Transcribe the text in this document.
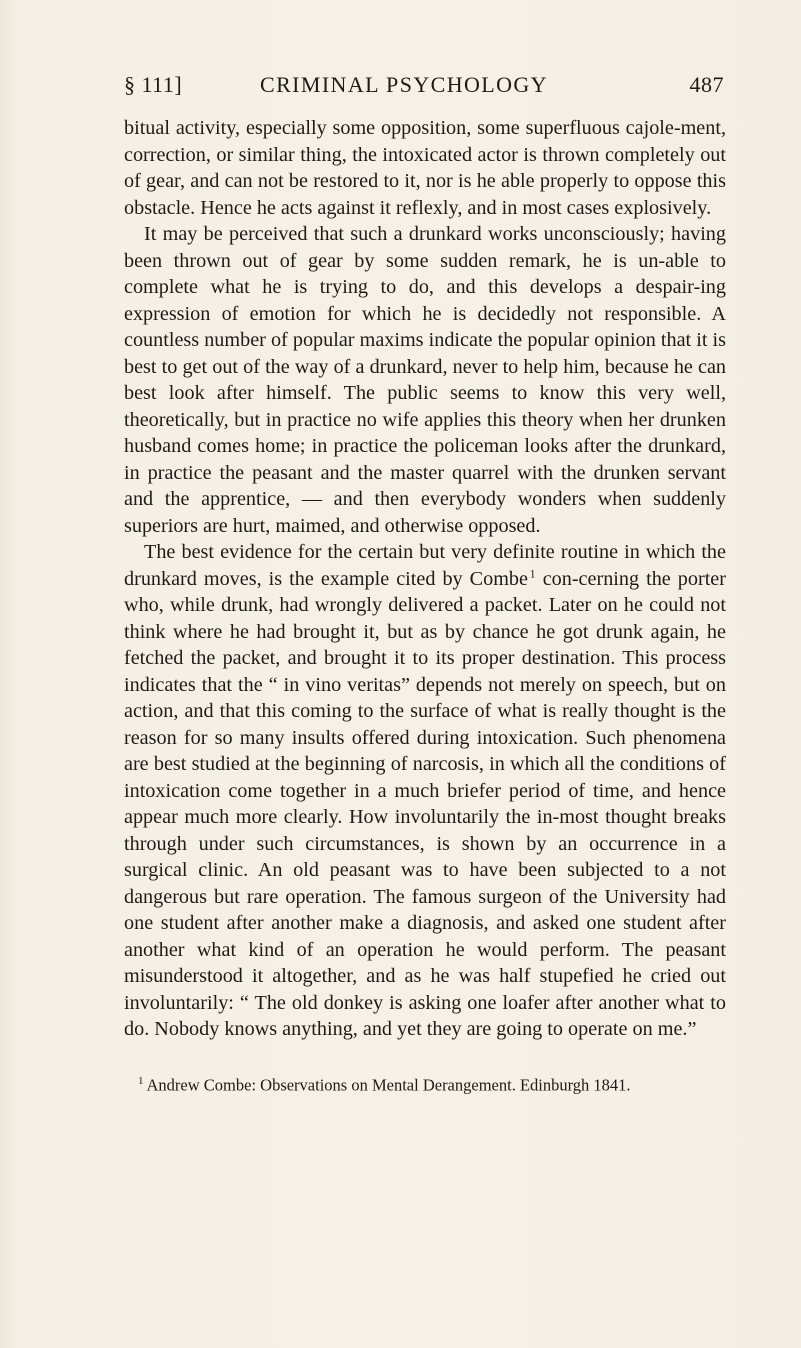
§ 111]	CRIMINAL PSYCHOLOGY	487

bitual activity, especially some opposition, some superfluous cajole-ment, correction, or similar thing, the intoxicated actor is thrown completely out of gear, and can not be restored to it, nor is he able properly to oppose this obstacle. Hence he acts against it reflexly, and in most cases explosively.

It may be perceived that such a drunkard works unconsciously; having been thrown out of gear by some sudden remark, he is un-able to complete what he is trying to do, and this develops a despair-ing expression of emotion for which he is decidedly not responsible. A countless number of popular maxims indicate the popular opinion that it is best to get out of the way of a drunkard, never to help him, because he can best look after himself. The public seems to know this very well, theoretically, but in practice no wife applies this theory when her drunken husband comes home; in practice the policeman looks after the drunkard, in practice the peasant and the master quarrel with the drunken servant and the apprentice, — and then everybody wonders when suddenly superiors are hurt, maimed, and otherwise opposed.

The best evidence for the certain but very definite routine in which the drunkard moves, is the example cited by Combe  $^1$ con-cerning the porter who, while drunk, had wrongly delivered a packet. Later on he could not think where he had brought it, but as by chance he got drunk again, he fetched the packet, and brought it to its proper destination. This process indicates that the “ in vino veritas” depends not merely on speech, but on action, and that this coming to the surface of what is really thought is the reason for so many insults offered during intoxication. Such phenomena are best studied at the beginning of narcosis, in which all the conditions of intoxication come together in a much briefer period of time, and hence appear much more clearly. How involuntarily the in-most thought breaks through under such circumstances, is shown by an occurrence in a surgical clinic. An old peasant was to have been subjected to a not dangerous but rare operation. The famous surgeon of the University had one student after another make a diagnosis, and asked one student after another what kind of an operation he would perform. The peasant misunderstood it altogether, and as he was half stupefied he cried out involuntarily: “ The old donkey is asking one loafer after another what to do. Nobody knows anything, and yet they are going to operate on me.”

$^1$ Andrew Combe: Observations on Mental Derangement. Edinburgh 1841.
